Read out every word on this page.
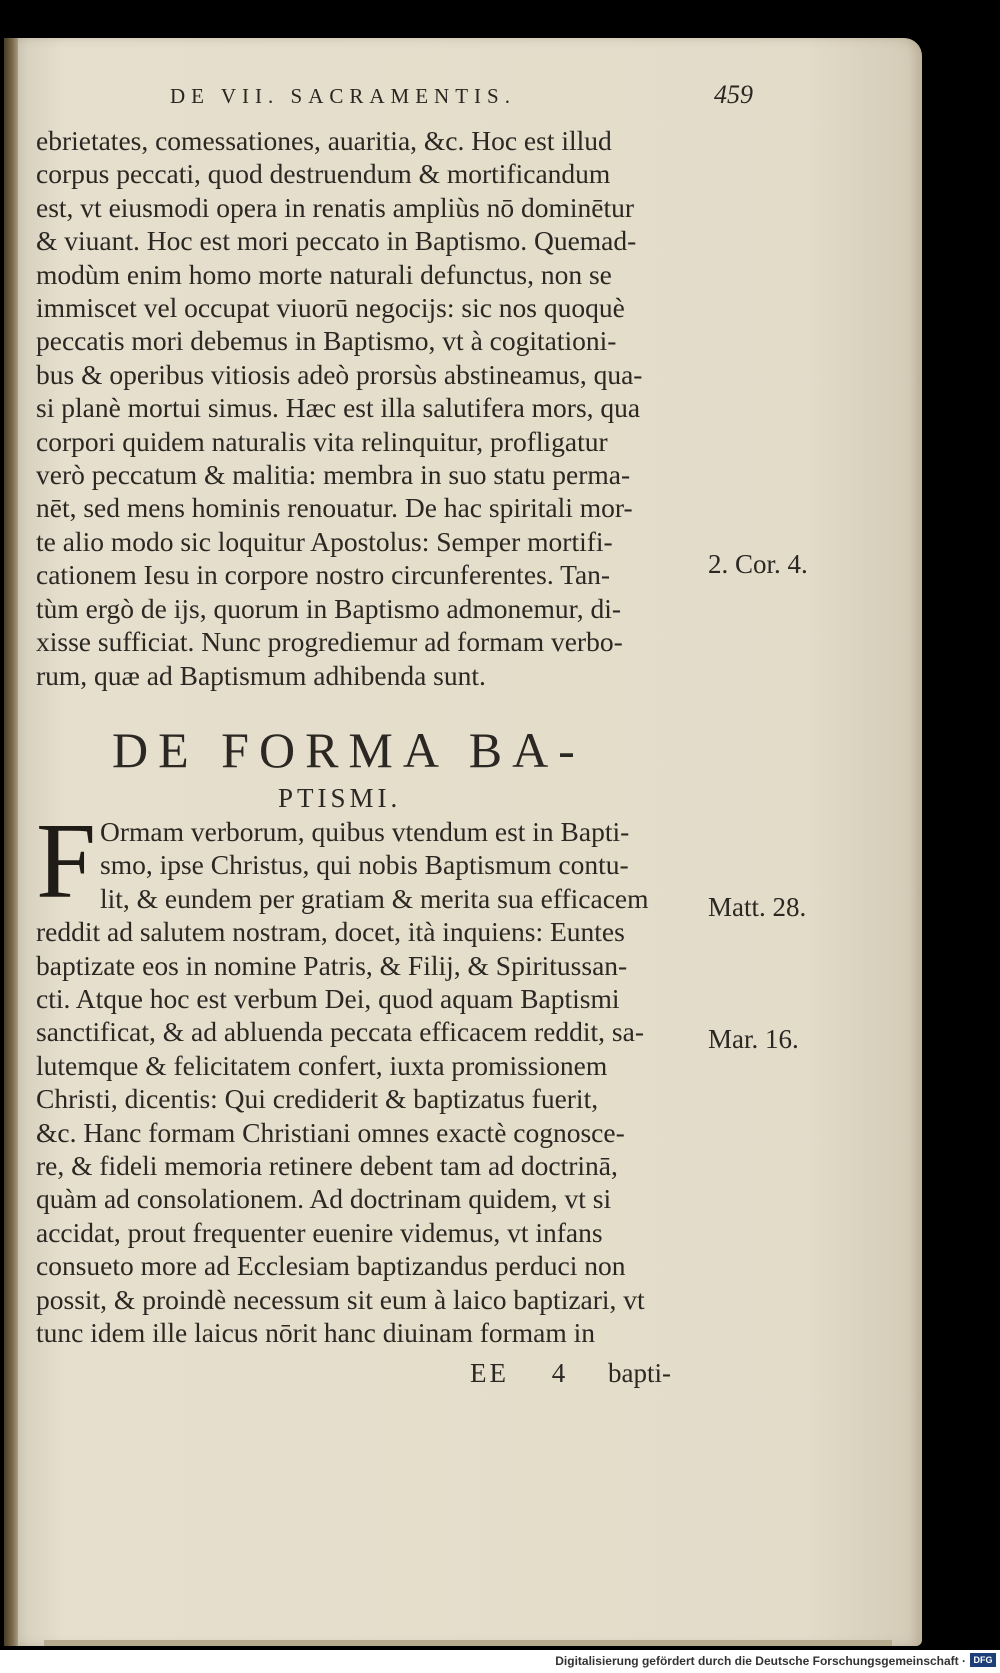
DE VII. SACRAMENTIS.	459
ebrietates, comessationes, auaritia, &c. Hoc est illud
corpus peccati, quod destruendum & mortificandum
est, vt eiusmodi opera in renatis ampliùs nō dominētur
& viuant. Hoc est mori peccato in Baptismo. Quemad-
modùm enim homo morte naturali defunctus, non se
immiscet vel occupat viuorū negocijs: sic nos quoquè
peccatis mori debemus in Baptismo, vt à cogitationi-
bus & operibus vitiosis adeò prorsùs abstineamus, qua-
si planè mortui simus. Hæc est illa salutifera mors, qua
corpori quidem naturalis vita relinquitur, profligatur
verò peccatum & malitia: membra in suo statu perma-
nēt, sed mens hominis renouatur. De hac spiritali mor-
te alio modo sic loquitur Apostolus: Semper mortifi-
cationem Iesu in corpore nostro circunferentes. Tan-
tùm ergò de ijs, quorum in Baptismo admonemur, di-
xisse sufficiat. Nunc progrediemur ad formam verbo-
rum, quæ ad Baptismum adhibenda sunt.
DE FORMA BA-
PTISMI.
F Ormam verborum, quibus vtendum est in Bapti-
smo, ipse Christus, qui nobis Baptismum contu-
lit, & eundem per gratiam & merita sua efficacem
reddit ad salutem nostram, docet, ità inquiens: Euntes
baptizate eos in nomine Patris, & Filij, & Spiritussan-
cti. Atque hoc est verbum Dei, quod aquam Baptismi
sanctificat, & ad abluenda peccata efficacem reddit, sa-
lutemque & felicitatem confert, iuxta promissionem
Christi, dicentis: Qui crediderit & baptizatus fuerit,
&c. Hanc formam Christiani omnes exactè cognosce-
re, & fideli memoria retinere debent tam ad doctrinā,
quàm ad consolationem. Ad doctrinam quidem, vt si
accidat, prout frequenter euenire videmus, vt infans
consueto more ad Ecclesiam baptizandus perduci non
possit, & proindè necessum sit eum à laico baptizari, vt
tunc idem ille laicus nōrit hanc diuinam formam in
2. Cor. 4.
Matt. 28.
Mar. 16.
EE 4 bapti-
Digitalisierung gefördert durch die Deutsche Forschungsgemeinschaft · DFG
